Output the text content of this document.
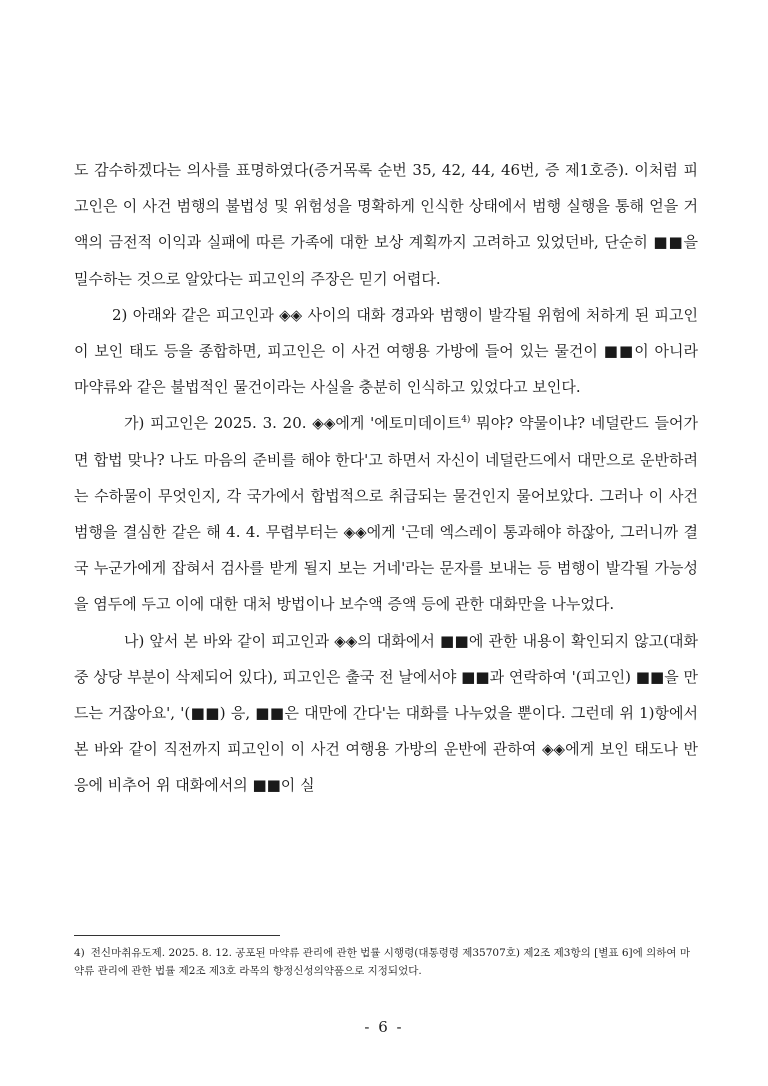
도 감수하겠다는 의사를 표명하였다(증거목록 순번 35, 42, 44, 46번, 증 제1호증). 이처럼 피고인은 이 사건 범행의 불법성 및 위험성을 명확하게 인식한 상태에서 범행 실행을 통해 얻을 거액의 금전적 이익과 실패에 따른 가족에 대한 보상 계획까지 고려하고 있었던바, 단순히 ■■을 밀수하는 것으로 알았다는 피고인의 주장은 믿기 어렵다.

2) 아래와 같은 피고인과 ◈◈ 사이의 대화 경과와 범행이 발각될 위험에 처하게 된 피고인이 보인 태도 등을 종합하면, 피고인은 이 사건 여행용 가방에 들어 있는 물건이 ■■이 아니라 마약류와 같은 불법적인 물건이라는 사실을 충분히 인식하고 있었다고 보인다.

가) 피고인은 2025. 3. 20. ◈◈에게 '에토미데이트$^{4)}$ 뭐야? 약물이냐? 네덜란드 들어가면 합법 맞나? 나도 마음의 준비를 해야 한다'고 하면서 자신이 네덜란드에서 대만으로 운반하려는 수하물이 무엇인지, 각 국가에서 합법적으로 취급되는 물건인지 물어보았다. 그러나 이 사건 범행을 결심한 같은 해 4. 4. 무렵부터는 ◈◈에게 '근데 엑스레이 통과해야 하잖아, 그러니까 결국 누군가에게 잡혀서 검사를 받게 될지 보는 거네'라는 문자를 보내는 등 범행이 발각될 가능성을 염두에 두고 이에 대한 대처 방법이나 보수액 증액 등에 관한 대화만을 나누었다.

나) 앞서 본 바와 같이 피고인과 ◈◈의 대화에서 ■■에 관한 내용이 확인되지 않고(대화 중 상당 부분이 삭제되어 있다), 피고인은 출국 전 날에서야 ■■과 연락하여 '(피고인) ■■을 만드는 거잖아요', '(■■) 응, ■■은 대만에 간다'는 대화를 나누었을 뿐이다. 그런데 위 1)항에서 본 바와 같이 직전까지 피고인이 이 사건 여행용 가방의 운반에 관하여 ◈◈에게 보인 태도나 반응에 비추어 위 대화에서의 ■■이 실

4) 전신마취유도제. 2025. 8. 12. 공포된 마약류 관리에 관한 법률 시행령(대통령령 제35707호) 제2조 제3항의 [별표 6]에 의하여 마약류 관리에 관한 법률 제2조 제3호 라목의 향정신성의약품으로 지정되었다.

- 6 -
